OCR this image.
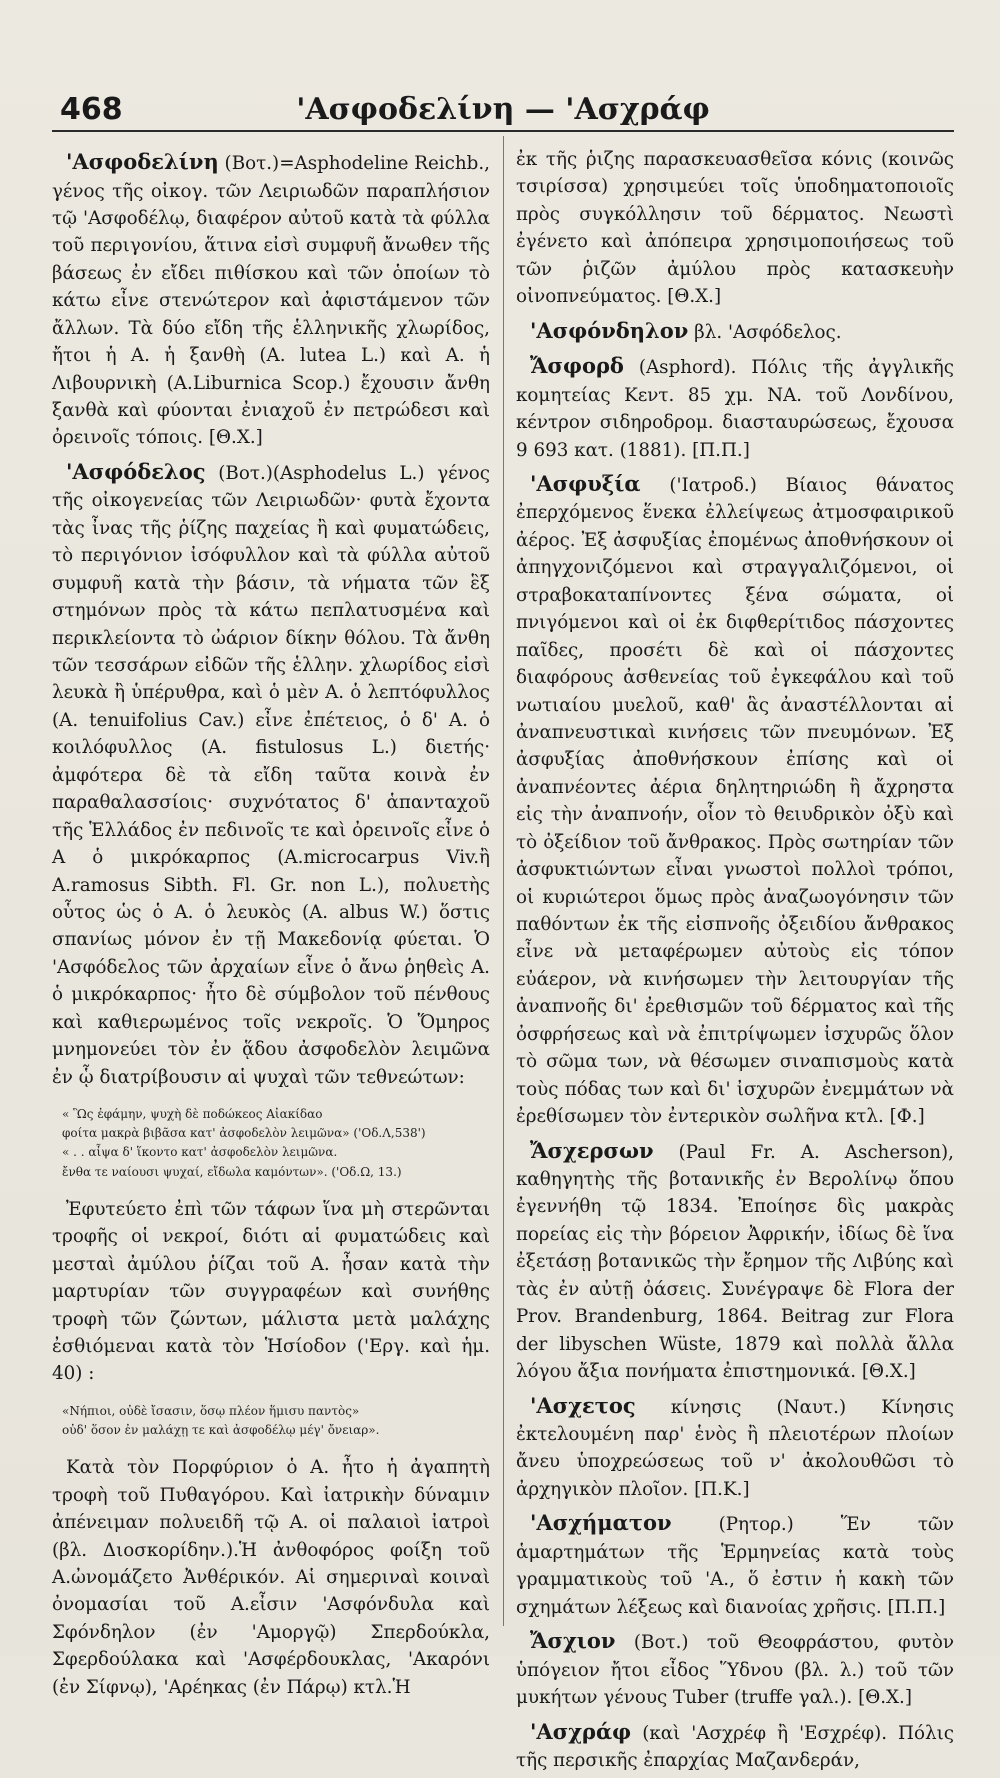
468	'Ασφοδελίνη — 'Ασχράφ

'Ασφοδελίνη (Βοτ.)=Asphodeline Reichb., γένος τῆς οἰκογ. τῶν Λειριωδῶν παραπλήσιον τῷ 'Ασφοδέλῳ, διαφέρον αὐτοῦ κατὰ τὰ φύλλα τοῦ περιγονίου, ἅτινα εἰσὶ συμφυῆ ἄνωθεν τῆς βάσεως ἐν εἴδει πιθίσκου καὶ τῶν ὁποίων τὸ κάτω εἶνε στενώτερον καὶ ἀφιστάμενον τῶν ἄλλων. Τὰ δύο εἴδη τῆς ἑλληνικῆς χλωρίδος, ἤτοι ἡ Α. ἡ ξανθὴ (A. lutea L.) καὶ Α. ἡ Λιβουρνικὴ (A.Liburnica Scop.) ἔχουσιν ἄνθη ξανθὰ καὶ φύονται ἐνιαχοῦ ἐν πετρώδεσι καὶ ὀρεινοῖς τόποις. [Θ.Χ.]

'Ασφόδελος (Βοτ.)(Asphodelus L.) γένος τῆς οἰκογενείας τῶν Λειριωδῶν· φυτὰ ἔχοντα τὰς ἶνας τῆς ῥίζης παχείας ἢ καὶ φυματώδεις, τὸ περιγόνιον ἰσόφυλλον καὶ τὰ φύλλα αὐτοῦ συμφυῆ κατὰ τὴν βάσιν, τὰ νήματα τῶν ἓξ στημόνων πρὸς τὰ κάτω πεπλατυσμένα καὶ περικλείοντα τὸ ὠάριον δίκην θόλου. Τὰ ἄνθη τῶν τεσσάρων εἰδῶν τῆς ἑλλην. χλωρίδος εἰσὶ λευκὰ ἢ ὑπέρυθρα, καὶ ὁ μὲν Α. ὁ λεπτόφυλλος (A. tenuifolius Cav.) εἶνε ἐπέτειος, ὁ δ' Α. ὁ κοιλόφυλλος (A. fistulosus L.) διετής· ἀμφότερα δὲ τὰ εἴδη ταῦτα κοινὰ ἐν παραθαλασσίοις· συχνότατος δ' ἁπανταχοῦ τῆς Ἑλλάδος ἐν πεδινοῖς τε καὶ ὀρεινοῖς εἶνε ὁ Α ὁ μικρόκαρπος (A.microcarpus Viv.ἢ A.ramosus Sibth. Fl. Gr. non L.), πολυετὴς οὗτος ὡς ὁ Α. ὁ λευκὸς (A. albus W.) ὅστις σπανίως μόνον ἐν τῇ Μακεδονίᾳ φύεται. Ὁ 'Ασφόδελος τῶν ἀρχαίων εἶνε ὁ ἄνω ῥηθεὶς Α. ὁ μικρόκαρπος· ἦτο δὲ σύμβολον τοῦ πένθους καὶ καθιερωμένος τοῖς νεκροῖς. Ὁ Ὅμηρος μνημονεύει τὸν ἐν ᾅδου ἀσφοδελὸν λειμῶνα ἐν ᾧ διατρίβουσιν αἱ ψυχαὶ τῶν τεθνεώτων:

« Ὣς ἐφάμην, ψυχὴ δὲ ποδώκεος Αἰακίδαο

φοίτα μακρὰ βιβᾶσα κατ' ἀσφοδελὸν λειμῶνα» ('Οδ.Λ,538')

« . . αἶψα δ' ἵκοντο κατ' ἀσφοδελὸν λειμῶνα.

ἔνθα τε ναίουσι ψυχαί, εἴδωλα καμόντων». ('Οδ.Ω, 13.)

Ἐφυτεύετο ἐπὶ τῶν τάφων ἵνα μὴ στερῶνται τροφῆς οἱ νεκροί, διότι αἱ φυματώδεις καὶ μεσταὶ ἀμύλου ῥίζαι τοῦ Α. ἦσαν κατὰ τὴν μαρτυρίαν τῶν συγγραφέων καὶ συνήθης τροφὴ τῶν ζώντων, μάλιστα μετὰ μαλάχης ἐσθιόμεναι κατὰ τὸν Ἡσίοδον ('Εργ. καὶ ἡμ. 40) :

«Νήπιοι, οὐδὲ ἴσασιν, ὅσῳ πλέον ἥμισυ παντὸς»

οὐδ' ὅσον ἐν μαλάχῃ τε καὶ ἀσφοδέλῳ μέγ' ὄνειαρ».

Κατὰ τὸν Πορφύριον ὁ Α. ἦτο ἡ ἀγαπητὴ τροφὴ τοῦ Πυθαγόρου. Καὶ ἰατρικὴν δύναμιν ἀπένειμαν πολυειδῆ τῷ Α. οἱ παλαιοὶ ἰατροὶ (βλ. Διοσκορίδην.).Ἡ ἀνθοφόρος φοίξη τοῦ Α.ὠνομάζετο Ἀνθέρικόν. Αἱ σημεριναὶ κοιναὶ ὀνομασίαι τοῦ Α.εἶσιν 'Ασφόνδυλα καὶ Σφόνδηλον (ἐν 'Αμοργῷ) Σπερδούκλα, Σφερδούλακα καὶ 'Ασφέρδουκλας, 'Ακαρόνι (ἐν Σίφνῳ), 'Αρέηκας (ἐν Πάρῳ) κτλ.Ἡ

ἐκ τῆς ῥιζης παρασκευασθεῖσα κόνις (κοινῶς τσιρίσσα) χρησιμεύει τοῖς ὑποδηματοποιοῖς πρὸς συγκόλλησιν τοῦ δέρματος. Νεωστὶ ἐγένετο καὶ ἀπόπειρα χρησιμοποιήσεως τοῦ τῶν ῥιζῶν ἀμύλου πρὸς κατασκευὴν οἰνοπνεύματος. [Θ.Χ.]

'Ασφόνδηλον βλ. 'Ασφόδελος.

Ἄσφορδ (Asphord). Πόλις τῆς ἀγγλικῆς κομητείας Κεντ. 85 χμ. ΝΑ. τοῦ Λονδίνου, κέντρον σιδηροδρομ. διασταυρώσεως, ἔχουσα 9 693 κατ. (1881). [Π.Π.]

'Ασφυξία ('Ιατροδ.) Βίαιος θάνατος ἐπερχόμενος ἕνεκα ἐλλείψεως ἀτμοσφαιρικοῦ ἀέρος. Ἐξ ἀσφυξίας ἐπομένως ἀποθνήσκουν οἱ ἀπηγχονιζόμενοι καὶ στραγγαλιζόμενοι, οἱ στραβοκαταπίνοντες ξένα σώματα, οἱ πνιγόμενοι καὶ οἱ ἐκ διφθερίτιδος πάσχοντες παῖδες, προσέτι δὲ καὶ οἱ πάσχοντες διαφόρους ἀσθενείας τοῦ ἐγκεφάλου καὶ τοῦ νωτιαίου μυελοῦ, καθ' ἃς ἀναστέλλονται αἱ ἀναπνευστικαὶ κινήσεις τῶν πνευμόνων. Ἐξ ἀσφυξίας ἀποθνήσκουν ἐπίσης καὶ οἱ ἀναπνέοντες ἀέρια δηλητηριώδη ἢ ἄχρηστα εἰς τὴν ἀναπνοήν, οἷον τὸ θειυδρικὸν ὀξὺ καὶ τὸ ὀξείδιον τοῦ ἄνθρακος. Πρὸς σωτηρίαν τῶν ἀσφυκτιώντων εἶναι γνωστοὶ πολλοὶ τρόποι, οἱ κυριώτεροι ὅμως πρὸς ἀναζωογόνησιν τῶν παθόντων ἐκ τῆς εἰσπνοῆς ὀξειδίου ἄνθρακος εἶνε νὰ μεταφέρωμεν αὐτοὺς εἰς τόπον εὐάερον, νὰ κινήσωμεν τὴν λειτουργίαν τῆς ἀναπνοῆς δι' ἐρεθισμῶν τοῦ δέρματος καὶ τῆς ὀσφρήσεως καὶ νὰ ἐπιτρίψωμεν ἰσχυρῶς ὅλον τὸ σῶμα των, νὰ θέσωμεν σιναπισμοὺς κατὰ τοὺς πόδας των καὶ δι' ἰσχυρῶν ἐνεμμάτων νὰ ἐρεθίσωμεν τὸν ἐντερικὸν σωλῆνα κτλ. [Φ.]

Ἄσχερσων (Paul Fr. A. Ascherson), καθηγητὴς τῆς βοτανικῆς ἐν Βερολίνῳ ὅπου ἐγεννήθη τῷ 1834. Ἐποίησε δὶς μακρὰς πορείας εἰς τὴν βόρειον Ἀφρικήν, ἰδίως δὲ ἵνα ἐξετάσῃ βοτανικῶς τὴν ἔρημον τῆς Λιβύης καὶ τὰς ἐν αὐτῇ ὀάσεις. Συνέγραψε δὲ Flora der Prov. Brandenburg, 1864. Beitrag zur Flora der libyschen Wüste, 1879 καὶ πολλὰ ἄλλα λόγου ἄξια πονήματα ἐπιστημονικά. [Θ.Χ.]

'Ασχετος κίνησις (Ναυτ.) Κίνησις ἐκτελουμένη παρ' ἑνὸς ἢ πλειοτέρων πλοίων ἄνευ ὑποχρεώσεως τοῦ ν' ἀκολουθῶσι τὸ ἀρχηγικὸν πλοῖον. [Π.Κ.]

'Ασχήματον (Ρητορ.) Ἕν τῶν ἁμαρτημάτων τῆς Ἑρμηνείας κατὰ τοὺς γραμματικοὺς τοῦ 'Α., ὅ ἐστιν ἡ κακὴ τῶν σχημάτων λέξεως καὶ διανοίας χρῆσις. [Π.Π.]

Ἄσχιον (Βοτ.) τοῦ Θεοφράστου, φυτὸν ὑπόγειον ἤτοι εἶδος Ὕδνου (βλ. λ.) τοῦ τῶν μυκήτων γένους Tuber (truffe γαλ.). [Θ.Χ.]

'Ασχράφ (καὶ 'Ασχρέφ ἢ 'Εσχρέφ). Πόλις τῆς περσικῆς ἐπαρχίας Μαζανδεράν,
